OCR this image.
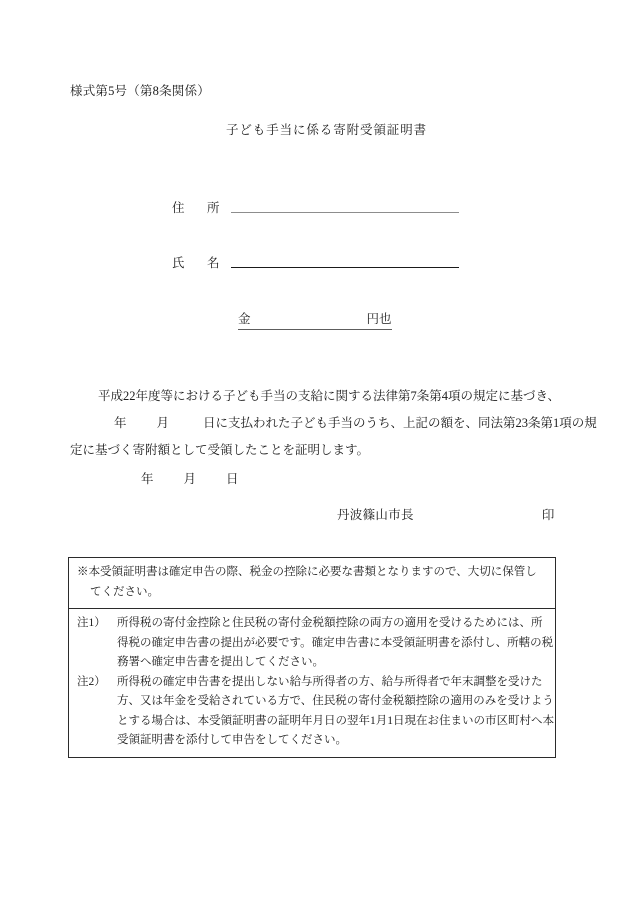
様式第5号（第8条関係）
子ども手当に係る寄附受領証明書
住　所
氏　名
金	円也
平成22年度等における子ども手当の支給に関する法律第7条第4項の規定に基づき、
年 月	日に支払われた子ども手当のうち、上記の額を、同法第23条第1項の規
定に基づく寄附額として受領したことを証明します。
年 月 日
丹波篠山市長	印
※本受領証明書は確定申告の際、税金の控除に必要な書類となりますので、大切に保管し
てください。
注1） 所得税の寄付金控除と住民税の寄付金税額控除の両方の適用を受けるためには、所
得税の確定申告書の提出が必要です。確定申告書に本受領証明書を添付し、所轄の税
務署へ確定申告書を提出してください。
注2） 所得税の確定申告書を提出しない給与所得者の方、給与所得者で年末調整を受けた
方、又は年金を受給されている方で、住民税の寄付金税額控除の適用のみを受けよう
とする場合は、本受領証明書の証明年月日の翌年1月1日現在お住まいの市区町村へ本
受領証明書を添付して申告をしてください。
